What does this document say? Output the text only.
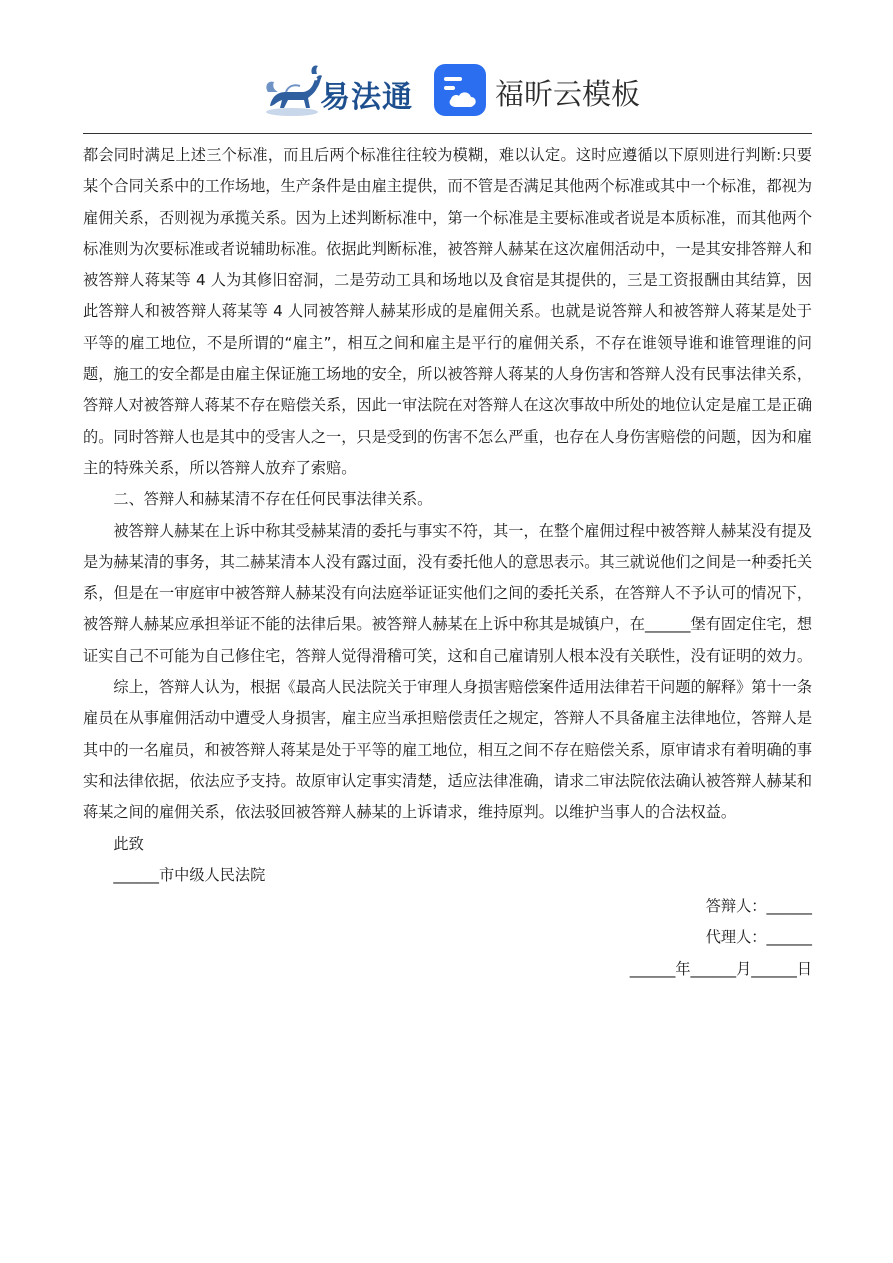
易法通	福昕云模板

都会同时满足上述三个标准，而且后两个标准往往较为模糊，难以认定。这时应遵循以下原则进行判断:只要某个合同关系中的工作场地，生产条件是由雇主提供，而不管是否满足其他两个标准或其中一个标准，都视为雇佣关系，否则视为承揽关系。因为上述判断标准中，第一个标准是主要标准或者说是本质标准，而其他两个标准则为次要标准或者说辅助标准。依据此判断标准，被答辩人赫某在这次雇佣活动中，一是其安排答辩人和被答辩人蒋某等 4 人为其修旧窑洞，二是劳动工具和场地以及食宿是其提供的，三是工资报酬由其结算，因此答辩人和被答辩人蒋某等 4 人同被答辩人赫某形成的是雇佣关系。也就是说答辩人和被答辩人蒋某是处于平等的雇工地位，不是所谓的“雇主”，相互之间和雇主是平行的雇佣关系，不存在谁领导谁和谁管理谁的问题，施工的安全都是由雇主保证施工场地的安全，所以被答辩人蒋某的人身伤害和答辩人没有民事法律关系，答辩人对被答辩人蒋某不存在赔偿关系，因此一审法院在对答辩人在这次事故中所处的地位认定是雇工是正确的。同时答辩人也是其中的受害人之一，只是受到的伤害不怎么严重，也存在人身伤害赔偿的问题，因为和雇主的特殊关系，所以答辩人放弃了索赔。

二、答辩人和赫某清不存在任何民事法律关系。

被答辩人赫某在上诉中称其受赫某清的委托与事实不符，其一，在整个雇佣过程中被答辩人赫某没有提及是为赫某清的事务，其二赫某清本人没有露过面，没有委托他人的意思表示。其三就说他们之间是一种委托关系，但是在一审庭审中被答辩人赫某没有向法庭举证证实他们之间的委托关系，在答辩人不予认可的情况下，被答辩人赫某应承担举证不能的法律后果。被答辩人赫某在上诉中称其是城镇户，在______堡有固定住宅，想证实自己不可能为自己修住宅，答辩人觉得滑稽可笑，这和自己雇请别人根本没有关联性，没有证明的效力。

综上，答辩人认为，根据《最高人民法院关于审理人身损害赔偿案件适用法律若干问题的解释》第十一条　雇员在从事雇佣活动中遭受人身损害，雇主应当承担赔偿责任之规定，答辩人不具备雇主法律地位，答辩人是其中的一名雇员，和被答辩人蒋某是处于平等的雇工地位，相互之间不存在赔偿关系，原审请求有着明确的事实和法律依据，依法应予支持。故原审认定事实清楚，适应法律准确，请求二审法院依法确认被答辩人赫某和蒋某之间的雇佣关系，依法驳回被答辩人赫某的上诉请求，维持原判。以维护当事人的合法权益。

此致

______市中级人民法院

答辩人：______

代理人：______

______年______月______日
